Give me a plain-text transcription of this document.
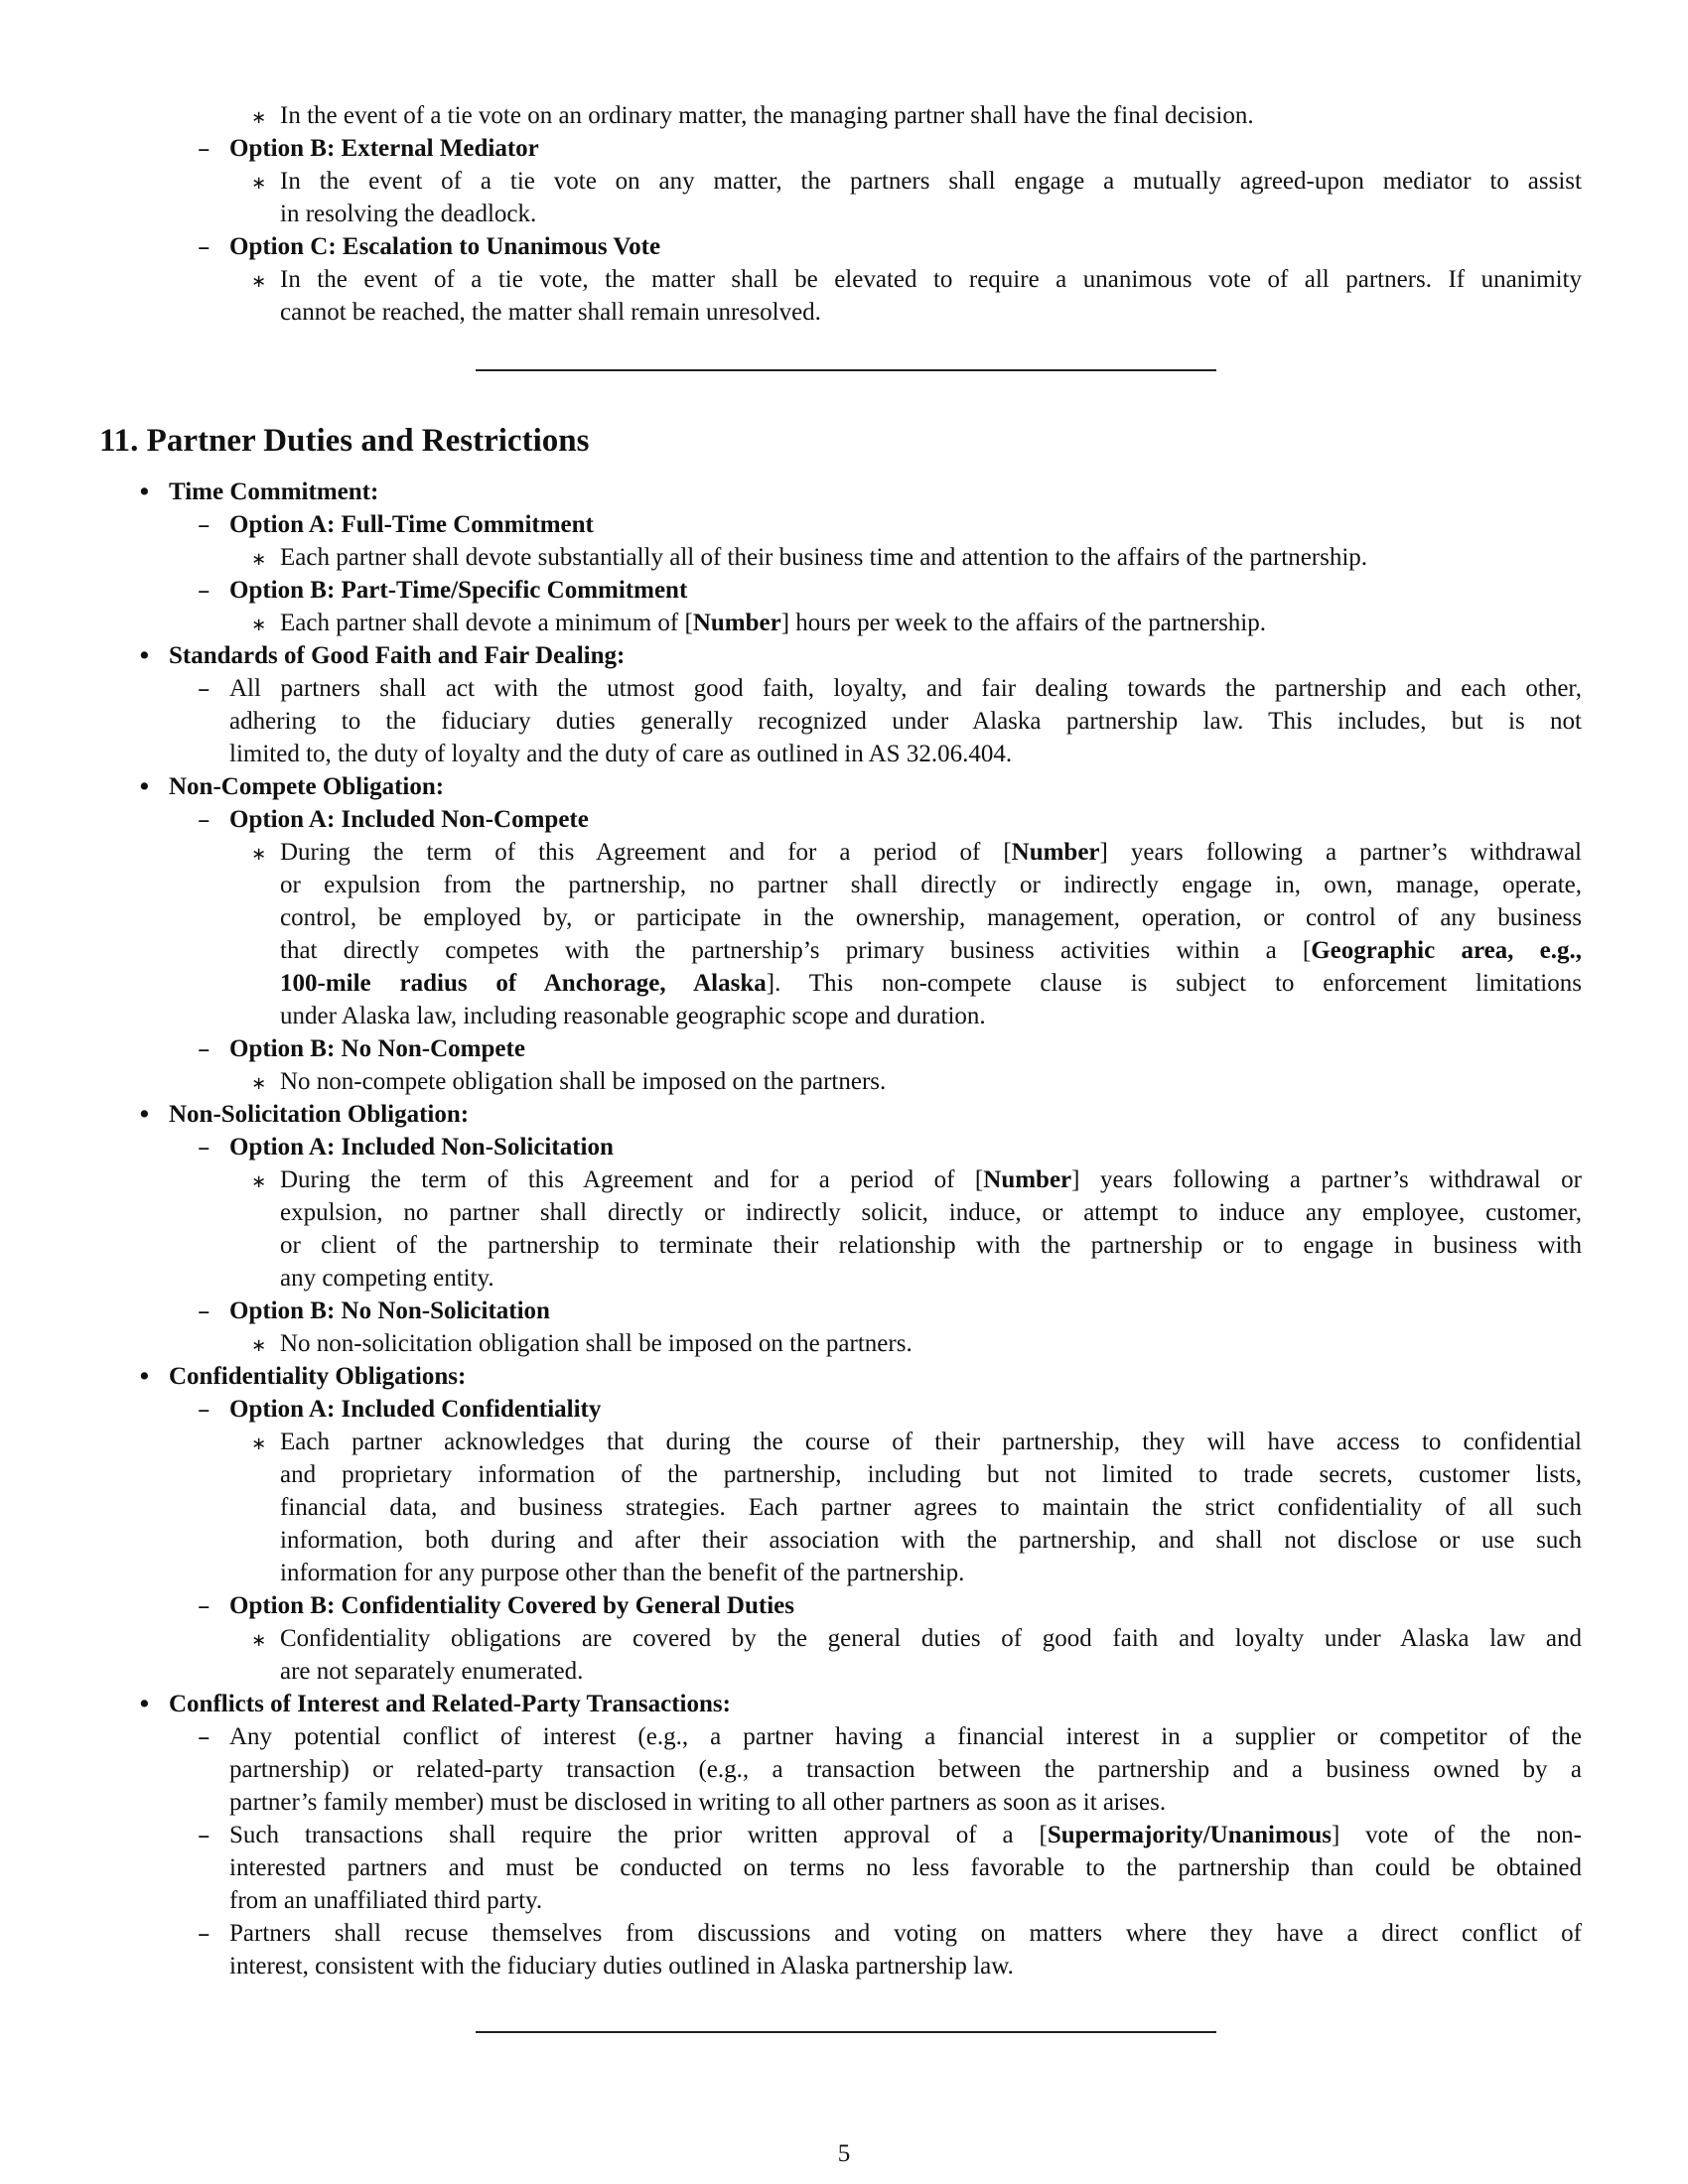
∗ In the event of a tie vote on an ordinary matter, the managing partner shall have the final decision.

– Option B: External Mediator

∗ In the event of a tie vote on any matter, the partners shall engage a mutually agreed-upon mediator to assist

in resolving the deadlock.

– Option C: Escalation to Unanimous Vote

∗ In the event of a tie vote, the matter shall be elevated to require a unanimous vote of all partners. If unanimity

cannot be reached, the matter shall remain unresolved.

11. Partner Duties and Restrictions
• Time Commitment:

– Option A: Full-Time Commitment

∗ Each partner shall devote substantially all of their business time and attention to the affairs of the partnership.

– Option B: Part-Time/Specific Commitment

∗ Each partner shall devote a minimum of [Number] hours per week to the affairs of the partnership.

• Standards of Good Faith and Fair Dealing:

– All partners shall act with the utmost good faith, loyalty, and fair dealing towards the partnership and each other,

adhering to the fiduciary duties generally recognized under Alaska partnership law. This includes, but is not

limited to, the duty of loyalty and the duty of care as outlined in AS 32.06.404.

• Non-Compete Obligation:

– Option A: Included Non-Compete

∗ During the term of this Agreement and for a period of [Number] years following a partner’s withdrawal

or expulsion from the partnership, no partner shall directly or indirectly engage in, own, manage, operate,

control, be employed by, or participate in the ownership, management, operation, or control of any business

that directly competes with the partnership’s primary business activities within a [Geographic area, e.g.,

100-mile radius of Anchorage, Alaska]. This non-compete clause is subject to enforcement limitations

under Alaska law, including reasonable geographic scope and duration.

– Option B: No Non-Compete

∗ No non-compete obligation shall be imposed on the partners.

• Non-Solicitation Obligation:

– Option A: Included Non-Solicitation

∗ During the term of this Agreement and for a period of [Number] years following a partner’s withdrawal or

expulsion, no partner shall directly or indirectly solicit, induce, or attempt to induce any employee, customer,

or client of the partnership to terminate their relationship with the partnership or to engage in business with

any competing entity.

– Option B: No Non-Solicitation

∗ No non-solicitation obligation shall be imposed on the partners.

• Confidentiality Obligations:

– Option A: Included Confidentiality

∗ Each partner acknowledges that during the course of their partnership, they will have access to confidential

and proprietary information of the partnership, including but not limited to trade secrets, customer lists,

financial data, and business strategies. Each partner agrees to maintain the strict confidentiality of all such

information, both during and after their association with the partnership, and shall not disclose or use such

information for any purpose other than the benefit of the partnership.

– Option B: Confidentiality Covered by General Duties

∗ Confidentiality obligations are covered by the general duties of good faith and loyalty under Alaska law and

are not separately enumerated.

• Conflicts of Interest and Related-Party Transactions:

– Any potential conflict of interest (e.g., a partner having a financial interest in a supplier or competitor of the

partnership) or related-party transaction (e.g., a transaction between the partnership and a business owned by a

partner’s family member) must be disclosed in writing to all other partners as soon as it arises.

– Such transactions shall require the prior written approval of a [Supermajority/Unanimous] vote of the non-

interested partners and must be conducted on terms no less favorable to the partnership than could be obtained

from an unaffiliated third party.

– Partners shall recuse themselves from discussions and voting on matters where they have a direct conflict of

interest, consistent with the fiduciary duties outlined in Alaska partnership law.

5
